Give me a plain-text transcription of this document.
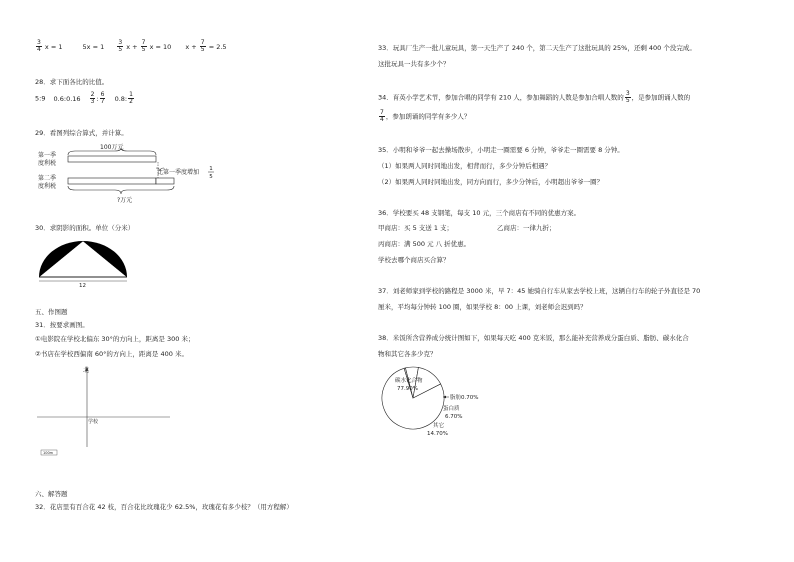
$\frac{3}{4}$ x = 1	$5x = 1 \frac{3}{5}$ $x + \frac{7}{5}$ x = 10 $x + \frac{7}{5} = 2.5$
28．求下面各比的比值。
5:9 0.6:0.16 $\frac{2}{3}$ : $\frac{6}{7} 0.8$: $\frac{1}{2}$
29．看图列综合算式，并计算。
第一季
度利税
第二季
度利税
100万元
比第一季度增加 1
5
?万元
30．求阴影的面积。单位（分米）
12
五、作图题
31．按要求画图。
①电影院在学校北偏东 30°的方向上，距离是 300 米；
②书店在学校西偏南 60°的方向上，距离是 400 米。
北
学校
100m
六、解答题
32．花店里有百合花 42 枝，百合花比玫瑰花少 62.5%，玫瑰花有多少枝？（用方程解）
33．玩具厂生产一批儿童玩具，第一天生产了 240 个，第二天生产了这批玩具的 25%，还剩 400 个没完成。
这批玩具一共有多少个？
34．育英小学艺术节，参加合唱的同学有 210 人，参加舞蹈的人数是参加合唱人数的 $\frac{3}{5}$ ，是参加朗诵人数的
$\frac{7}{4}$ ，参加朗诵的同学有多少人？
35．小明和爷爷一起去操场散步，小明走一圈需要 6 分钟，爷爷走一圈需要 8 分钟。
（1）如果两人同时同地出发，相背而行，多少分钟后相遇？
（2）如果两人同时同地出发，同方向而行，多少分钟后，小明超出爷爷一圈？
36．学校要买 48 支钢笔，每支 10 元，三个商店有不同的优惠方案。
甲商店：买 5 支送 1 支；	乙商店：一律九折；
丙商店：满 500 元 八 折优惠。
学校去哪个商店买合算？
37．刘老师家到学校的路程是 3000 米，早 7：45 她骑自行车从家去学校上班，这辆自行车的轮子外直径是 70
厘米，平均每分钟转 100 圈，如果学校 8：00 上课，刘老师会迟到吗？
38．米饭所含营养成分统计图如下，如果每天吃 400 克米饭，那么能补充营养成分蛋白质、脂肪、碳水化合
物和其它各多少克？
碳水化合物
77.90%
脂肪0.70%
蛋白质
6.70%
其它
14.70%
